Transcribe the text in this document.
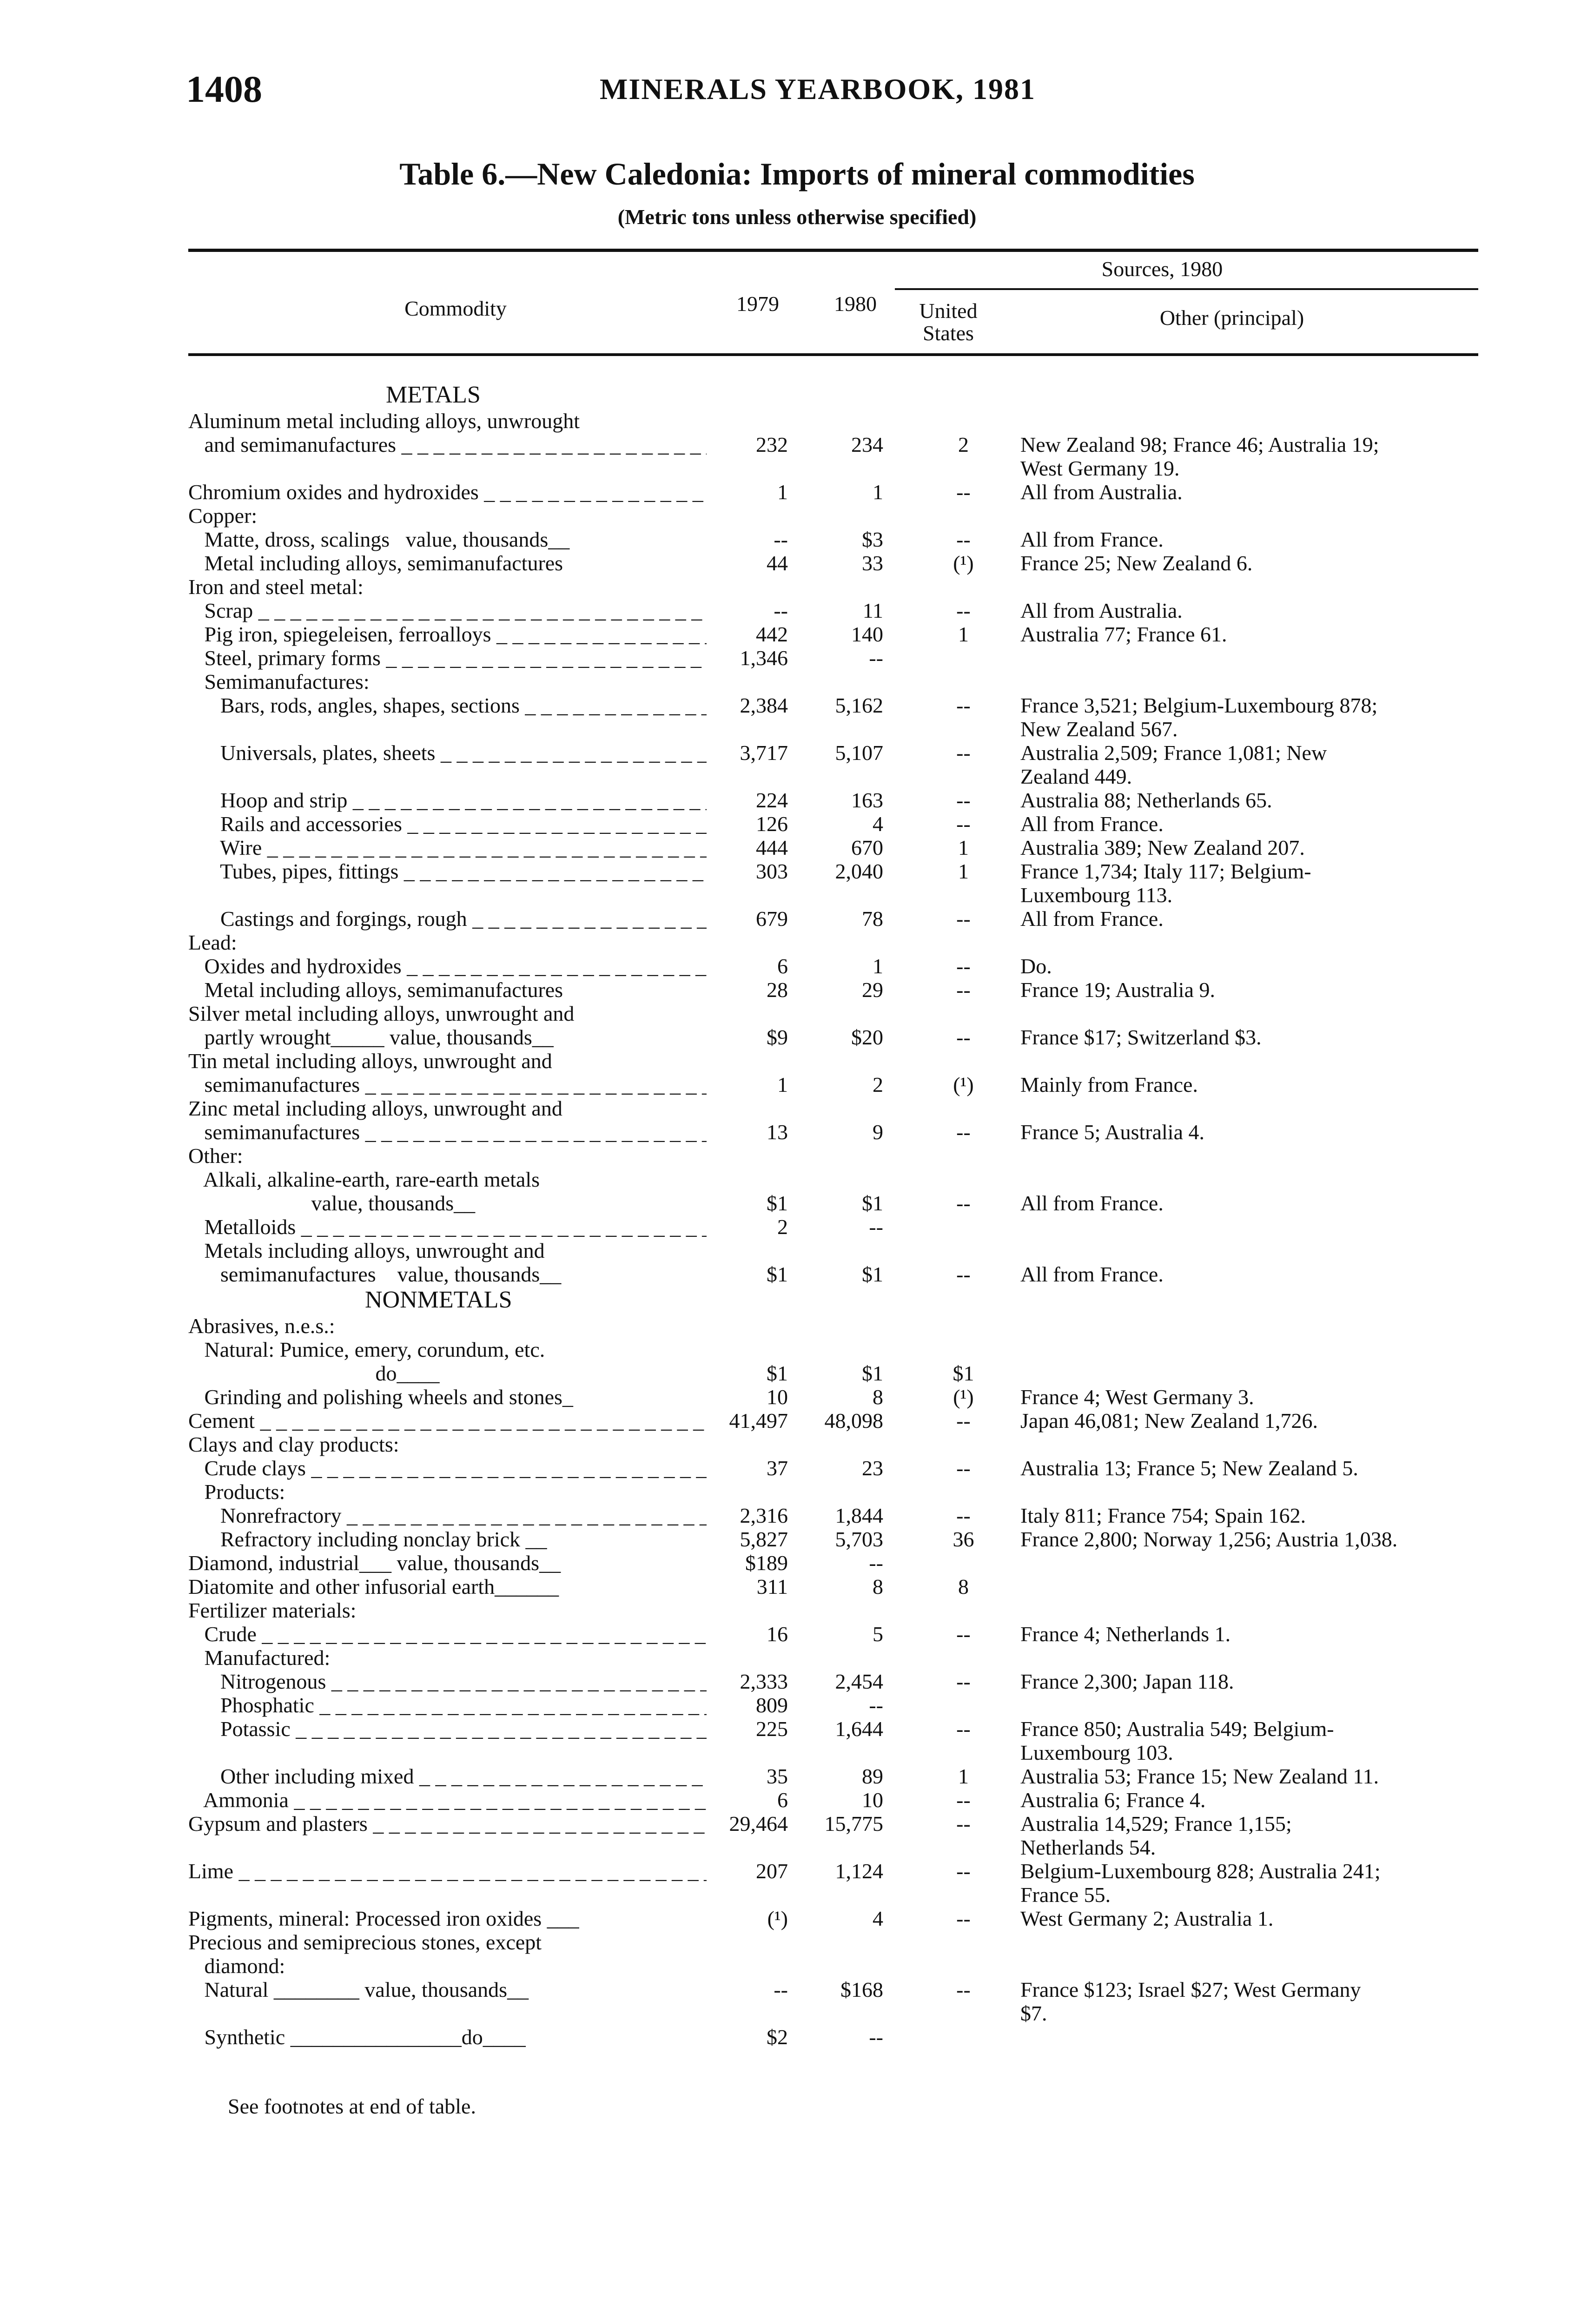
1408	MINERALS YEARBOOK, 1981
Table 6.—New Caledonia: Imports of mineral commodities
(Metric tons unless otherwise specified)
Commodity	1979	1980
Sources, 1980
United
States
Other (principal)
METALS
Aluminum metal including alloys, unwrought
and semimanufactures _ _ _	232	234	2	New Zealand 98; France 46; Australia 19;
West Germany 19.
Chromium oxides and hydroxides _ _ _	1	1	--	All from Australia.
Copper:
Matte, dross, scalings   value, thousands__	--	$3	--	All from France.
Metal including alloys, semimanufactures	44	33	(¹)	France 25; New Zealand 6.
Iron and steel metal:
Scrap _ _ _	--	11	--	All from Australia.
Pig iron, spiegeleisen, ferroalloys _ _ _	442	140	1	Australia 77; France 61.
Steel, primary forms _ _ _	1,346	--
Semimanufactures:
Bars, rods, angles, shapes, sections _ _ _	2,384	5,162	--	France 3,521; Belgium-Luxembourg 878;
New Zealand 567.
Universals, plates, sheets _ _ _	3,717	5,107	--	Australia 2,509; France 1,081; New
Zealand 449.
Hoop and strip _ _ _	224	163	--	Australia 88; Netherlands 65.
Rails and accessories _ _ _	126	4	--	All from France.
Wire _ _ _	444	670	1	Australia 389; New Zealand 207.
Tubes, pipes, fittings _ _ _	303	2,040	1	France 1,734; Italy 117; Belgium-
Luxembourg 113.
Castings and forgings, rough _ _ _	679	78	--	All from France.
Lead:
Oxides and hydroxides _ _ _	6	1	--	Do.
Metal including alloys, semimanufactures	28	29	--	France 19; Australia 9.
Silver metal including alloys, unwrought and
partly wrought_____ value, thousands__	$9	$20	--	France $17; Switzerland $3.
Tin metal including alloys, unwrought and
semimanufactures _ _ _	1	2	(¹)	Mainly from France.
Zinc metal including alloys, unwrought and
semimanufactures _ _ _	13	9	--	France 5; Australia 4.
Other:
Alkali, alkaline-earth, rare-earth metals
value, thousands__	$1	$1	--	All from France.
Metalloids _ _ _	2	--
Metals including alloys, unwrought and
semimanufactures    value, thousands__	$1	$1	--	All from France.
NONMETALS
Abrasives, n.e.s.:
Natural: Pumice, emery, corundum, etc.
do____	$1	$1	$1
Grinding and polishing wheels and stones_	10	8	(¹)	France 4; West Germany 3.
Cement _ _ _	41,497	48,098	--	Japan 46,081; New Zealand 1,726.
Clays and clay products:
Crude clays _ _ _	37	23	--	Australia 13; France 5; New Zealand 5.
Products:
Nonrefractory _ _ _	2,316	1,844	--	Italy 811; France 754; Spain 162.
Refractory including nonclay brick __	5,827	5,703	36	France 2,800; Norway 1,256; Austria 1,038.
Diamond, industrial___ value, thousands__	$189	--
Diatomite and other infusorial earth______	311	8	8
Fertilizer materials:
Crude _ _ _	16	5	--	France 4; Netherlands 1.
Manufactured:
Nitrogenous _ _ _	2,333	2,454	--	France 2,300; Japan 118.
Phosphatic _ _ _	809	--
Potassic _ _ _	225	1,644	--	France 850; Australia 549; Belgium-
Luxembourg 103.
Other including mixed _ _ _	35	89	1	Australia 53; France 15; New Zealand 11.
Ammonia _ _ _	6	10	--	Australia 6; France 4.
Gypsum and plasters _ _ _	29,464	15,775	--	Australia 14,529; France 1,155;
Netherlands 54.
Lime _ _ _	207	1,124	--	Belgium-Luxembourg 828; Australia 241;
France 55.
Pigments, mineral: Processed iron oxides ___	(¹)	4	--	West Germany 2; Australia 1.
Precious and semiprecious stones, except
diamond:
Natural ________ value, thousands__	--	$168	--	France $123; Israel $27; West Germany
$7.
Synthetic ________________do____	$2	--
See footnotes at end of table.
